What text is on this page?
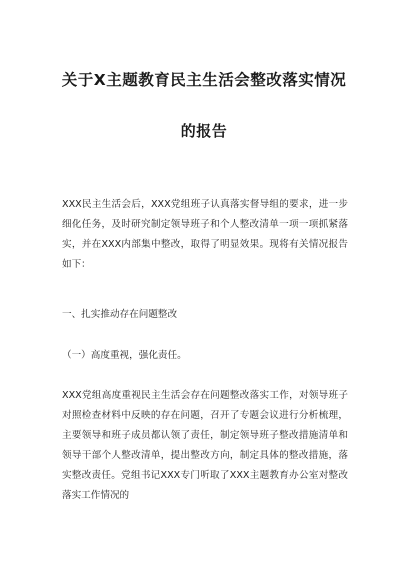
关于X主题教育民主生活会整改落实情况
的报告

XXX民主生活会后，XXX党组班子认真落实督导组的要求，进一步细化任务，及时研究制定领导班子和个人整改清单一项一项抓紧落实，并在XXX内部集中整改，取得了明显效果。现将有关情况报告如下：

一、扎实推动存在问题整改

（一）高度重视，强化责任。

XXX党组高度重视民主生活会存在问题整改落实工作，对领导班子对照检查材料中反映的存在问题，召开了专题会议进行分析梳理，主要领导和班子成员都认领了责任，制定领导班子整改措施清单和领导干部个人整改清单，提出整改方向，制定具体的整改措施，落实整改责任。党组书记XXX专门听取了XXX主题教育办公室对整改落实工作情况的
